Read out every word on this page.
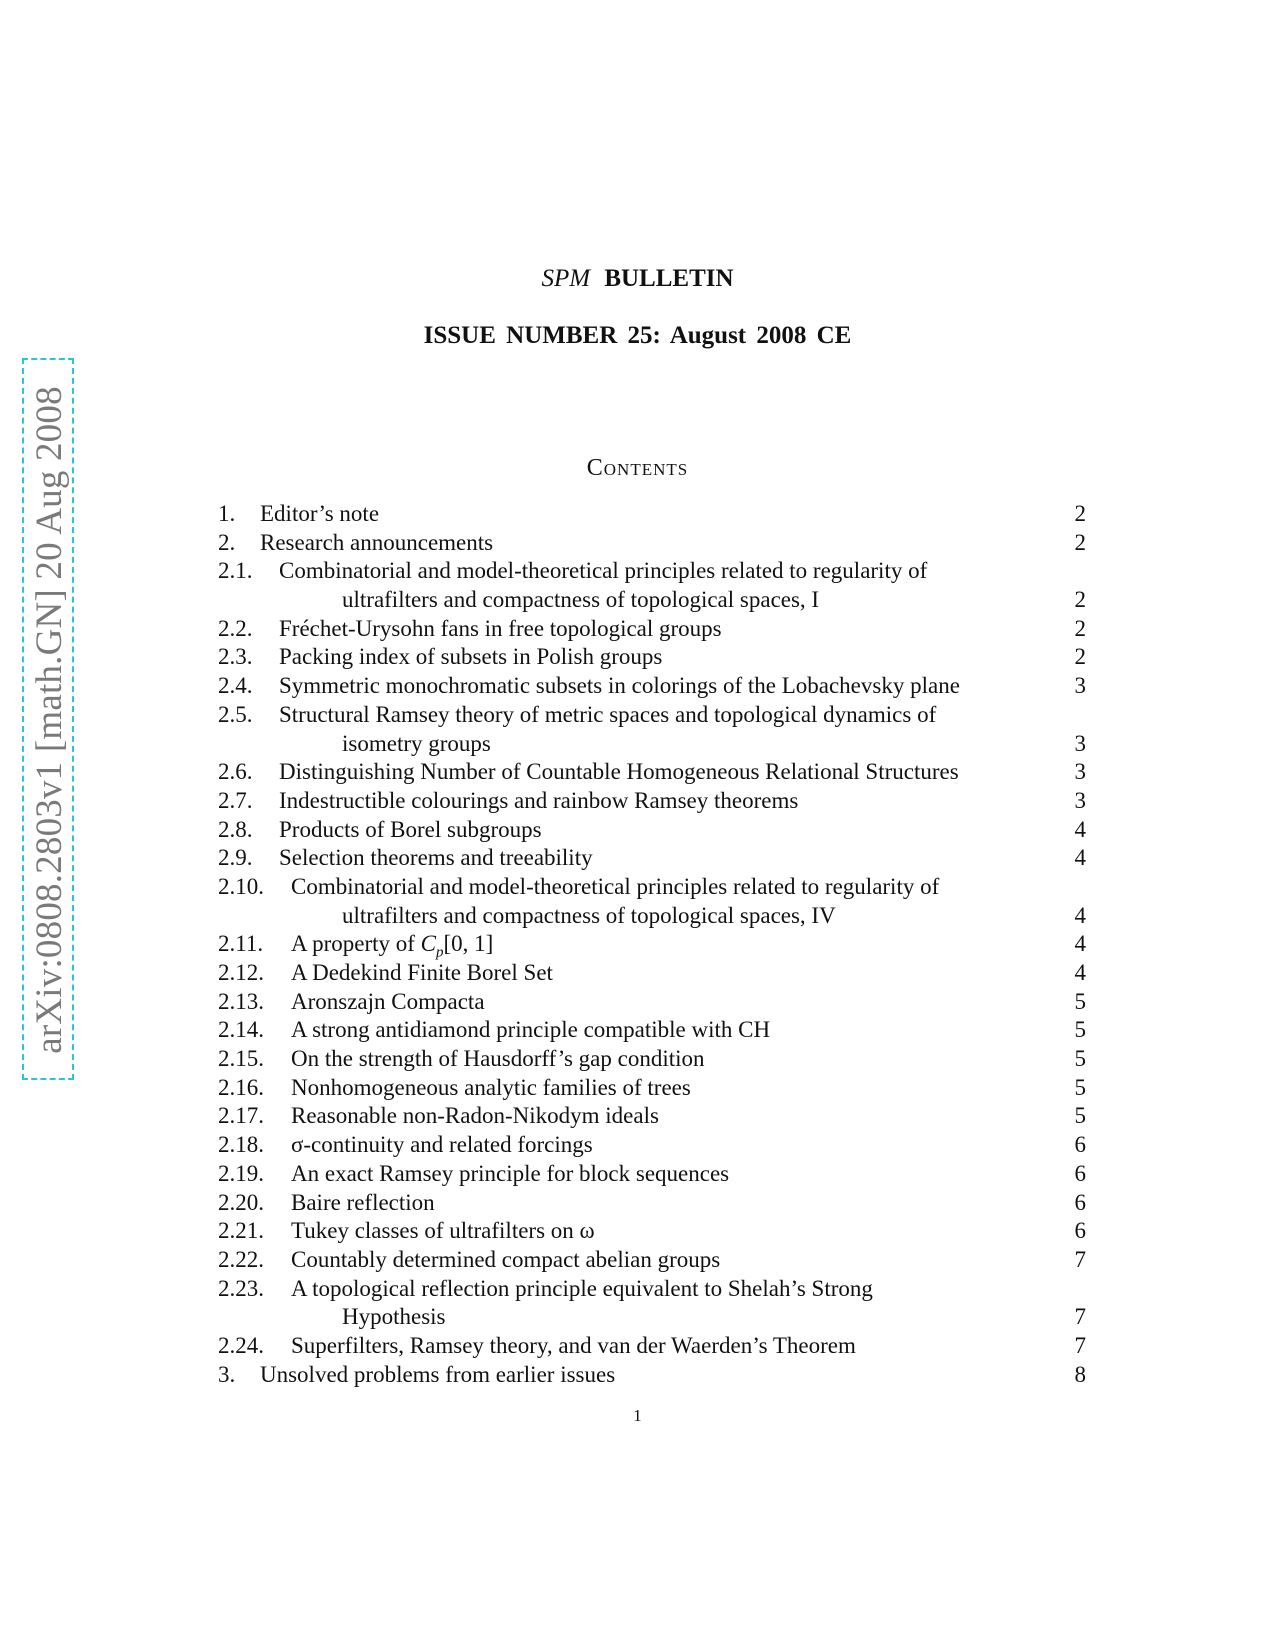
arXiv:0808.2803v1 [math.GN] 20 Aug 2008
SPM BULLETIN
ISSUE NUMBER 25: August 2008 CE
Contents
1. Editor’s note	2
2. Research announcements	2
2.1. Combinatorial and model-theoretical principles related to regularity of
ultrafilters and compactness of topological spaces, I	2
2.2. Fréchet-Urysohn fans in free topological groups	2
2.3. Packing index of subsets in Polish groups	2
2.4. Symmetric monochromatic subsets in colorings of the Lobachevsky plane	3
2.5. Structural Ramsey theory of metric spaces and topological dynamics of
isometry groups	3
2.6. Distinguishing Number of Countable Homogeneous Relational Structures	3
2.7. Indestructible colourings and rainbow Ramsey theorems	3
2.8. Products of Borel subgroups	4
2.9. Selection theorems and treeability	4
2.10. Combinatorial and model-theoretical principles related to regularity of
ultrafilters and compactness of topological spaces, IV	4
2.11. A property of $C_p[0$, 1]	4
2.12. A Dedekind Finite Borel Set	4
2.13. Aronszajn Compacta	5
2.14. A strong antidiamond principle compatible with CH	5
2.15. On the strength of Hausdorff’s gap condition	5
2.16. Nonhomogeneous analytic families of trees	5
2.17. Reasonable non-Radon-Nikodym ideals	5
2.18. σ-continuity and related forcings	6
2.19. An exact Ramsey principle for block sequences	6
2.20. Baire reflection	6
2.21. Tukey classes of ultrafilters on ω	6
2.22. Countably determined compact abelian groups	7
2.23. A topological reflection principle equivalent to Shelah’s Strong
Hypothesis	7
2.24. Superfilters, Ramsey theory, and van der Waerden’s Theorem	7
3. Unsolved problems from earlier issues	8
1
